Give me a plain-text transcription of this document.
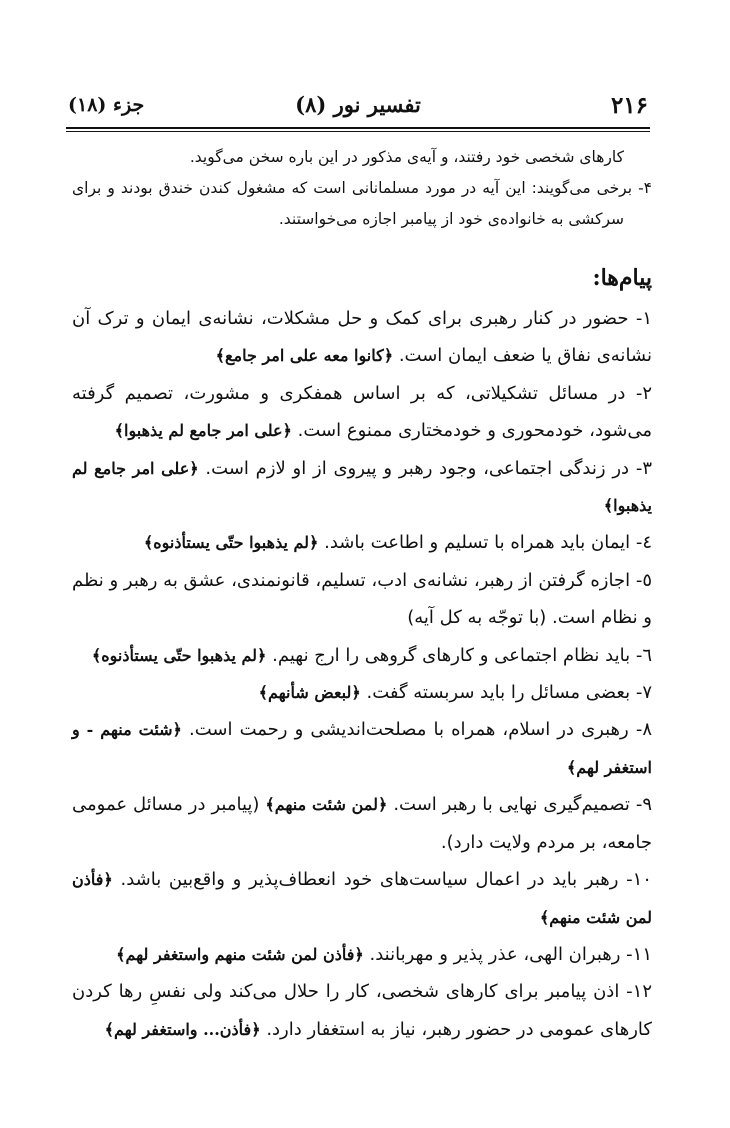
۲۱۶
تفسیر نور (۸)
جزء (۱۸)

کارهای شخصی خود رفتند، و آیه‌ی مذکور در این باره سخن می‌گوید.

۴- برخی می‌گویند: این آیه در مورد مسلمانانی است که مشغول کندن خندق بودند و برای سرکشی به خانواده‌ی خود از پیامبر اجازه می‌خواستند.

پیام‌ها:

۱- حضور در کنار رهبری برای کمک و حل مشکلات، نشانه‌ی ایمان و ترک آن نشانه‌ی نفاق یا ضعف ایمان است. ﴿کانوا معه علی امر جامع﴾

۲- در مسائل تشکیلاتی، که بر اساس همفکری و مشورت، تصمیم گرفته می‌شود، خودمحوری و خودمختاری ممنوع است. ﴿علی امر جامع لم یذهبوا﴾

۳- در زندگی اجتماعی، وجود رهبر و پیروی از او لازم است. ﴿علی امر جامع لم یذهبوا﴾

٤- ایمان باید همراه با تسلیم و اطاعت باشد. ﴿لم یذهبوا حتّی یستأذنوه﴾

٥- اجازه گرفتن از رهبر، نشانه‌ی ادب، تسلیم، قانونمندی، عشق به رهبر و نظم و نظام است. (با توجّه به کل آیه)

٦- باید نظام اجتماعی و کارهای گروهی را ارج نهیم. ﴿لم یذهبوا حتّی یستأذنوه﴾

٧- بعضی مسائل را باید سربسته گفت. ﴿لبعض شأنهم﴾

٨- رهبری در اسلام، همراه با مصلحت‌اندیشی و رحمت است. ﴿شئت منهم - و استغفر لهم﴾

٩- تصمیم‌گیری نهایی با رهبر است. ﴿لمن شئت منهم﴾ (پیامبر در مسائل عمومی جامعه، بر مردم ولایت دارد).

١٠- رهبر باید در اعمال سیاست‌های خود انعطاف‌پذیر و واقع‌بین باشد. ﴿فأذن لمن شئت منهم﴾

١١- رهبران الهی، عذر پذیر و مهربانند. ﴿فأذن لمن شئت منهم واستغفر لهم﴾

١٢- اذن پیامبر برای کارهای شخصی، کار را حلال می‌کند ولی نفسِ رها کردن کارهای عمومی در حضور رهبر، نیاز به استغفار دارد. ﴿فأذن... واستغفر لهم﴾
